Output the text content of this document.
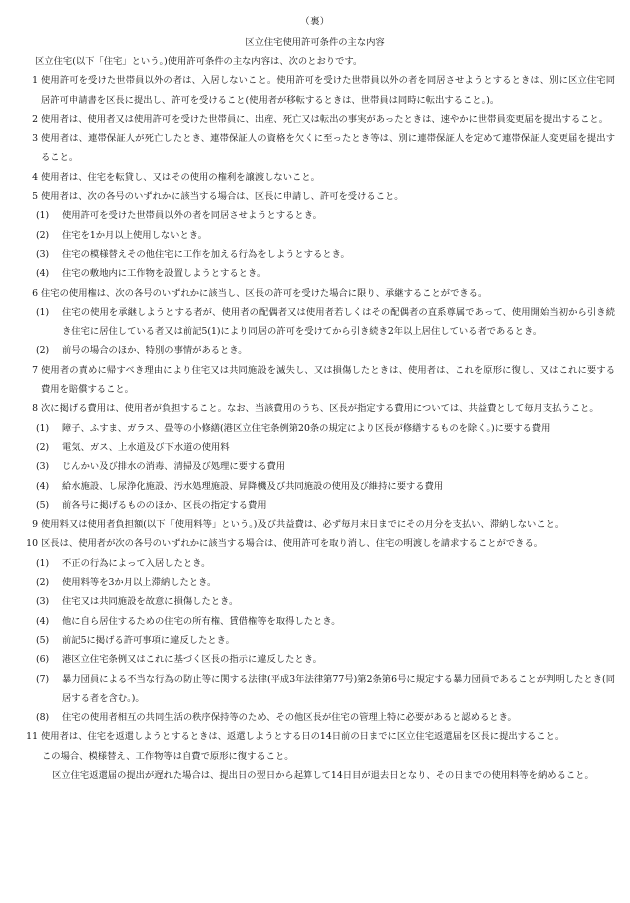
（裏）
区立住宅使用許可条件の主な内容
区立住宅(以下「住宅」という。)使用許可条件の主な内容は、次のとおりです。
1 使用許可を受けた世帯員以外の者は、入居しないこと。使用許可を受けた世帯員以外の者を同居させようとするときは、別に区立住宅同居許可申請書を区長に提出し、許可を受けること(使用者が移転するときは、世帯員は同時に転出すること。)。
2 使用者は、使用者又は使用許可を受けた世帯員に、出産、死亡又は転出の事実があったときは、速やかに世帯員変更届を提出すること。
3 使用者は、連帯保証人が死亡したとき、連帯保証人の資格を欠くに至ったとき等は、別に連帯保証人を定めて連帯保証人変更届を提出すること。
4 使用者は、住宅を転貸し、又はその使用の権利を譲渡しないこと。
5 使用者は、次の各号のいずれかに該当する場合は、区長に申請し、許可を受けること。
(1)	使用許可を受けた世帯員以外の者を同居させようとするとき。
(2)	住宅を1か月以上使用しないとき。
(3)	住宅の模様替えその他住宅に工作を加える行為をしようとするとき。
(4)	住宅の敷地内に工作物を設置しようとするとき。
6 住宅の使用権は、次の各号のいずれかに該当し、区長の許可を受けた場合に限り、承継することができる。
(1)	住宅の使用を承継しようとする者が、使用者の配偶者又は使用者若しくはその配偶者の直系尊属であって、使用開始当初から引き続き住宅に居住している者又は前記5(1)により同居の許可を受けてから引き続き2年以上居住している者であるとき。
(2)	前号の場合のほか、特別の事情があるとき。
7 使用者の責めに帰すべき理由により住宅又は共同施設を滅失し、又は損傷したときは、使用者は、これを原形に復し、又はこれに要する費用を賠償すること。
8 次に掲げる費用は、使用者が負担すること。なお、当該費用のうち、区長が指定する費用については、共益費として毎月支払うこと。
(1)	障子、ふすま、ガラス、畳等の小修繕(港区立住宅条例第20条の規定により区長が修繕するものを除く。)に要する費用
(2)	電気、ガス、上水道及び下水道の使用料
(3)	じんかい及び排水の消毒、清掃及び処理に要する費用
(4)	給水施設、し尿浄化施設、汚水処理施設、昇降機及び共同施設の使用及び維持に要する費用
(5)	前各号に掲げるもののほか、区長の指定する費用
9 使用料又は使用者負担額(以下「使用料等」という。)及び共益費は、必ず毎月末日までにその月分を支払い、滞納しないこと。
10 区長は、使用者が次の各号のいずれかに該当する場合は、使用許可を取り消し、住宅の明渡しを請求することができる。
(1)	不正の行為によって入居したとき。
(2)	使用料等を3か月以上滞納したとき。
(3)	住宅又は共同施設を故意に損傷したとき。
(4)	他に自ら居住するための住宅の所有権、賃借権等を取得したとき。
(5)	前記5に掲げる許可事項に違反したとき。
(6)	港区立住宅条例又はこれに基づく区長の指示に違反したとき。
(7)	暴力団員による不当な行為の防止等に関する法律(平成3年法律第77号)第2条第6号に規定する暴力団員であることが判明したとき(同居する者を含む。)。
(8)	住宅の使用者相互の共同生活の秩序保持等のため、その他区長が住宅の管理上特に必要があると認めるとき。
11 使用者は、住宅を返還しようとするときは、返還しようとする日の14日前の日までに区立住宅返還届を区長に提出すること。
この場合、模様替え、工作物等は自費で原形に復すること。
区立住宅返還届の提出が遅れた場合は、提出日の翌日から起算して14日目が退去日となり、その日までの使用料等を納めること。
